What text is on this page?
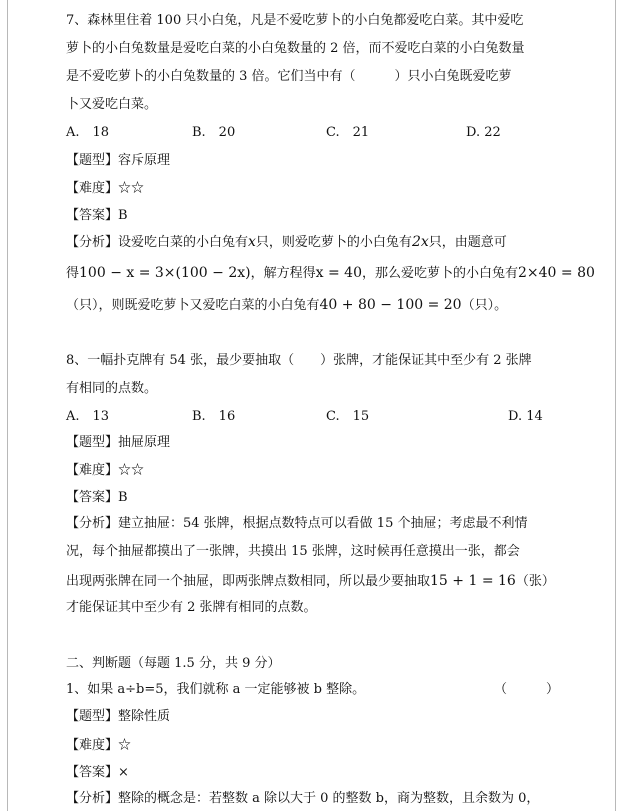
7、森林里住着 100 只小白兔，凡是不爱吃萝卜的小白兔都爱吃白菜。其中爱吃
萝卜的小白兔数量是爱吃白菜的小白兔数量的 2 倍，而不爱吃白菜的小白兔数量
是不爱吃萝卜的小白兔数量的 3 倍。它们当中有（　　　）只小白兔既爱吃萝
卜又爱吃白菜。
A.　18	B.　20	C.　21	D. 22
【题型】容斥原理
【难度】☆☆
【答案】B
【分析】设爱吃白菜的小白兔有x只，则爱吃萝卜的小白兔有2x只，由题意可
得100 − x = 3×(100 − 2x)，解方程得x = 40，那么爱吃萝卜的小白兔有2×40 = 80
（只），则既爱吃萝卜又爱吃白菜的小白兔有40 + 80 − 100 = 20（只）。
8、一幅扑克牌有 54 张，最少要抽取（　　）张牌，才能保证其中至少有 2 张牌
有相同的点数。
A.　13	B.　16	C.　15	D. 14
【题型】抽屉原理
【难度】☆☆
【答案】B
【分析】建立抽屉：54 张牌，根据点数特点可以看做 15 个抽屉；考虑最不利情
况，每个抽屉都摸出了一张牌，共摸出 15 张牌，这时候再任意摸出一张，都会
出现两张牌在同一个抽屉，即两张牌点数相同，所以最少要抽取15 + 1 = 16（张）
才能保证其中至少有 2 张牌有相同的点数。
二、判断题（每题 1.5 分，共 9 分）
1、如果 a÷b=5，我们就称 a 一定能够被 b 整除。	（　　　）
【题型】整除性质
【难度】☆
【答案】×
【分析】整除的概念是：若整数 a 除以大于 0 的整数 b，商为整数，且余数为 0，
